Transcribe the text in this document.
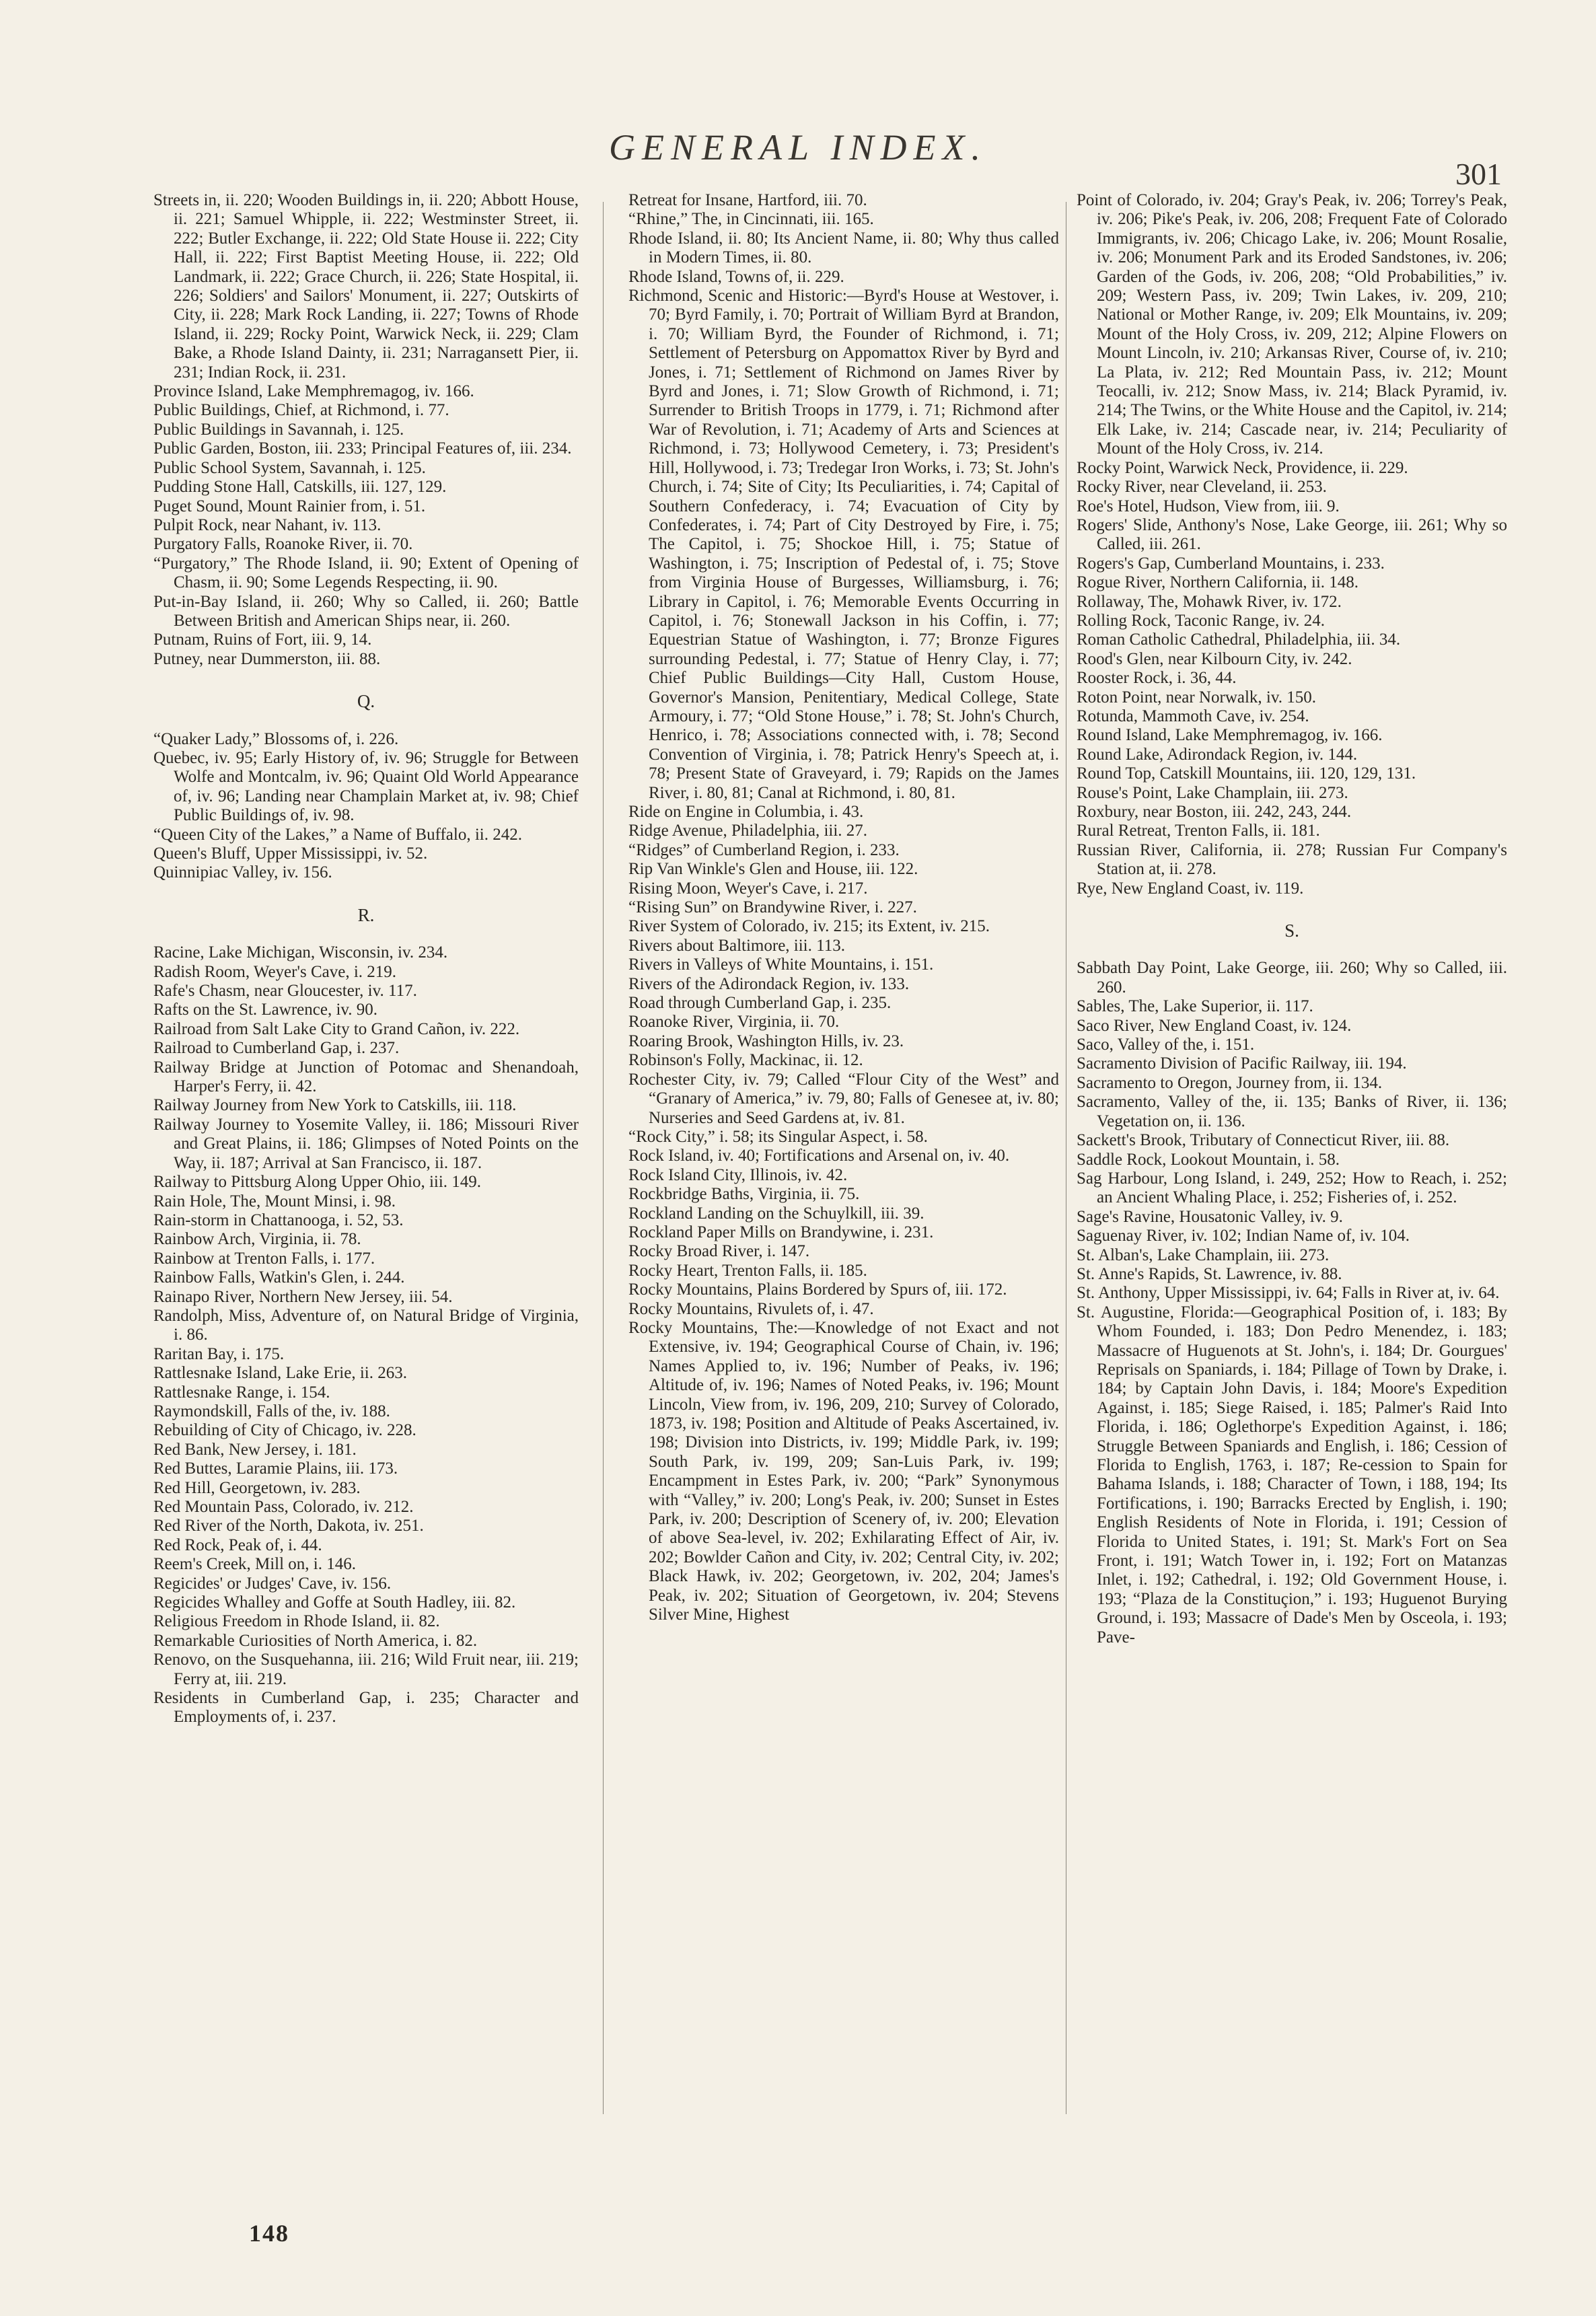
GENERAL INDEX.
301

Streets in, ii. 220; Wooden Buildings in, ii. 220; Abbott House, ii. 221; Samuel Whipple, ii. 222; Westminster Street, ii. 222; Butler Exchange, ii. 222; Old State House ii. 222; City Hall, ii. 222; First Baptist Meeting House, ii. 222; Old Landmark, ii. 222; Grace Church, ii. 226; State Hospital, ii. 226; Soldiers' and Sailors' Monument, ii. 227; Outskirts of City, ii. 228; Mark Rock Landing, ii. 227; Towns of Rhode Island, ii. 229; Rocky Point, Warwick Neck, ii. 229; Clam Bake, a Rhode Island Dainty, ii. 231; Narragansett Pier, ii. 231; Indian Rock, ii. 231.

Province Island, Lake Memphremagog, iv. 166.

Public Buildings, Chief, at Richmond, i. 77.

Public Buildings in Savannah, i. 125.

Public Garden, Boston, iii. 233; Principal Features of, iii. 234.

Public School System, Savannah, i. 125.

Pudding Stone Hall, Catskills, iii. 127, 129.

Puget Sound, Mount Rainier from, i. 51.

Pulpit Rock, near Nahant, iv. 113.

Purgatory Falls, Roanoke River, ii. 70.

“Purgatory,” The Rhode Island, ii. 90; Extent of Opening of Chasm, ii. 90; Some Legends Respecting, ii. 90.

Put-in-Bay Island, ii. 260; Why so Called, ii. 260; Battle Between British and American Ships near, ii. 260.

Putnam, Ruins of Fort, iii. 9, 14.

Putney, near Dummerston, iii. 88.

Q.

“Quaker Lady,” Blossoms of, i. 226.

Quebec, iv. 95; Early History of, iv. 96; Struggle for Between Wolfe and Montcalm, iv. 96; Quaint Old World Appearance of, iv. 96; Landing near Champlain Market at, iv. 98; Chief Public Buildings of, iv. 98.

“Queen City of the Lakes,” a Name of Buffalo, ii. 242.

Queen's Bluff, Upper Mississippi, iv. 52.

Quinnipiac Valley, iv. 156.

R.

Racine, Lake Michigan, Wisconsin, iv. 234.

Radish Room, Weyer's Cave, i. 219.

Rafe's Chasm, near Gloucester, iv. 117.

Rafts on the St. Lawrence, iv. 90.

Railroad from Salt Lake City to Grand Cañon, iv. 222.

Railroad to Cumberland Gap, i. 237.

Railway Bridge at Junction of Potomac and Shenandoah, Harper's Ferry, ii. 42.

Railway Journey from New York to Catskills, iii. 118.

Railway Journey to Yosemite Valley, ii. 186; Missouri River and Great Plains, ii. 186; Glimpses of Noted Points on the Way, ii. 187; Arrival at San Francisco, ii. 187.

Railway to Pittsburg Along Upper Ohio, iii. 149.

Rain Hole, The, Mount Minsi, i. 98.

Rain-storm in Chattanooga, i. 52, 53.

Rainbow Arch, Virginia, ii. 78.

Rainbow at Trenton Falls, i. 177.

Rainbow Falls, Watkin's Glen, i. 244.

Rainapo River, Northern New Jersey, iii. 54.

Randolph, Miss, Adventure of, on Natural Bridge of Virginia, i. 86.

Raritan Bay, i. 175.

Rattlesnake Island, Lake Erie, ii. 263.

Rattlesnake Range, i. 154.

Raymondskill, Falls of the, iv. 188.

Rebuilding of City of Chicago, iv. 228.

Red Bank, New Jersey, i. 181.

Red Buttes, Laramie Plains, iii. 173.

Red Hill, Georgetown, iv. 283.

Red Mountain Pass, Colorado, iv. 212.

Red River of the North, Dakota, iv. 251.

Red Rock, Peak of, i. 44.

Reem's Creek, Mill on, i. 146.

Regicides' or Judges' Cave, iv. 156.

Regicides Whalley and Goffe at South Hadley, iii. 82.

Religious Freedom in Rhode Island, ii. 82.

Remarkable Curiosities of North America, i. 82.

Renovo, on the Susquehanna, iii. 216; Wild Fruit near, iii. 219; Ferry at, iii. 219.

Residents in Cumberland Gap, i. 235; Character and Employments of, i. 237.

Retreat for Insane, Hartford, iii. 70.

“Rhine,” The, in Cincinnati, iii. 165.

Rhode Island, ii. 80; Its Ancient Name, ii. 80; Why thus called in Modern Times, ii. 80.

Rhode Island, Towns of, ii. 229.

Richmond, Scenic and Historic:—Byrd's House at Westover, i. 70; Byrd Family, i. 70; Portrait of William Byrd at Brandon, i. 70; William Byrd, the Founder of Richmond, i. 71; Settlement of Petersburg on Appomattox River by Byrd and Jones, i. 71; Settlement of Richmond on James River by Byrd and Jones, i. 71; Slow Growth of Richmond, i. 71; Surrender to British Troops in 1779, i. 71; Richmond after War of Revolution, i. 71; Academy of Arts and Sciences at Richmond, i. 73; Hollywood Cemetery, i. 73; President's Hill, Hollywood, i. 73; Tredegar Iron Works, i. 73; St. John's Church, i. 74; Site of City; Its Peculiarities, i. 74; Capital of Southern Confederacy, i. 74; Evacuation of City by Confederates, i. 74; Part of City Destroyed by Fire, i. 75; The Capitol, i. 75; Shockoe Hill, i. 75; Statue of Washington, i. 75; Inscription of Pedestal of, i. 75; Stove from Virginia House of Burgesses, Williamsburg, i. 76; Library in Capitol, i. 76; Memorable Events Occurring in Capitol, i. 76; Stonewall Jackson in his Coffin, i. 77; Equestrian Statue of Washington, i. 77; Bronze Figures surrounding Pedestal, i. 77; Statue of Henry Clay, i. 77; Chief Public Buildings—City Hall, Custom House, Governor's Mansion, Penitentiary, Medical College, State Armoury, i. 77; “Old Stone House,” i. 78; St. John's Church, Henrico, i. 78; Associations connected with, i. 78; Second Convention of Virginia, i. 78; Patrick Henry's Speech at, i. 78; Present State of Graveyard, i. 79; Rapids on the James River, i. 80, 81; Canal at Richmond, i. 80, 81.

Ride on Engine in Columbia, i. 43.

Ridge Avenue, Philadelphia, iii. 27.

“Ridges” of Cumberland Region, i. 233.

Rip Van Winkle's Glen and House, iii. 122.

Rising Moon, Weyer's Cave, i. 217.

“Rising Sun” on Brandywine River, i. 227.

River System of Colorado, iv. 215; its Extent, iv. 215.

Rivers about Baltimore, iii. 113.

Rivers in Valleys of White Mountains, i. 151.

Rivers of the Adirondack Region, iv. 133.

Road through Cumberland Gap, i. 235.

Roanoke River, Virginia, ii. 70.

Roaring Brook, Washington Hills, iv. 23.

Robinson's Folly, Mackinac, ii. 12.

Rochester City, iv. 79; Called “Flour City of the West” and “Granary of America,” iv. 79, 80; Falls of Genesee at, iv. 80; Nurseries and Seed Gardens at, iv. 81.

“Rock City,” i. 58; its Singular Aspect, i. 58.

Rock Island, iv. 40; Fortifications and Arsenal on, iv. 40.

Rock Island City, Illinois, iv. 42.

Rockbridge Baths, Virginia, ii. 75.

Rockland Landing on the Schuylkill, iii. 39.

Rockland Paper Mills on Brandywine, i. 231.

Rocky Broad River, i. 147.

Rocky Heart, Trenton Falls, ii. 185.

Rocky Mountains, Plains Bordered by Spurs of, iii. 172.

Rocky Mountains, Rivulets of, i. 47.

Rocky Mountains, The:—Knowledge of not Exact and not Extensive, iv. 194; Geographical Course of Chain, iv. 196; Names Applied to, iv. 196; Number of Peaks, iv. 196; Altitude of, iv. 196; Names of Noted Peaks, iv. 196; Mount Lincoln, View from, iv. 196, 209, 210; Survey of Colorado, 1873, iv. 198; Position and Altitude of Peaks Ascertained, iv. 198; Division into Districts, iv. 199; Middle Park, iv. 199; South Park, iv. 199, 209; San-Luis Park, iv. 199; Encampment in Estes Park, iv. 200; “Park” Synonymous with “Valley,” iv. 200; Long's Peak, iv. 200; Sunset in Estes Park, iv. 200; Description of Scenery of, iv. 200; Elevation of above Sea-level, iv. 202; Exhilarating Effect of Air, iv. 202; Bowlder Cañon and City, iv. 202; Central City, iv. 202; Black Hawk, iv. 202; Georgetown, iv. 202, 204; James's Peak, iv. 202; Situation of Georgetown, iv. 204; Stevens Silver Mine, Highest

Point of Colorado, iv. 204; Gray's Peak, iv. 206; Torrey's Peak, iv. 206; Pike's Peak, iv. 206, 208; Frequent Fate of Colorado Immigrants, iv. 206; Chicago Lake, iv. 206; Mount Rosalie, iv. 206; Monument Park and its Eroded Sandstones, iv. 206; Garden of the Gods, iv. 206, 208; “Old Probabilities,” iv. 209; Western Pass, iv. 209; Twin Lakes, iv. 209, 210; National or Mother Range, iv. 209; Elk Mountains, iv. 209; Mount of the Holy Cross, iv. 209, 212; Alpine Flowers on Mount Lincoln, iv. 210; Arkansas River, Course of, iv. 210; La Plata, iv. 212; Red Mountain Pass, iv. 212; Mount Teocalli, iv. 212; Snow Mass, iv. 214; Black Pyramid, iv. 214; The Twins, or the White House and the Capitol, iv. 214; Elk Lake, iv. 214; Cascade near, iv. 214; Peculiarity of Mount of the Holy Cross, iv. 214.

Rocky Point, Warwick Neck, Providence, ii. 229.

Rocky River, near Cleveland, ii. 253.

Roe's Hotel, Hudson, View from, iii. 9.

Rogers' Slide, Anthony's Nose, Lake George, iii. 261; Why so Called, iii. 261.

Rogers's Gap, Cumberland Mountains, i. 233.

Rogue River, Northern California, ii. 148.

Rollaway, The, Mohawk River, iv. 172.

Rolling Rock, Taconic Range, iv. 24.

Roman Catholic Cathedral, Philadelphia, iii. 34.

Rood's Glen, near Kilbourn City, iv. 242.

Rooster Rock, i. 36, 44.

Roton Point, near Norwalk, iv. 150.

Rotunda, Mammoth Cave, iv. 254.

Round Island, Lake Memphremagog, iv. 166.

Round Lake, Adirondack Region, iv. 144.

Round Top, Catskill Mountains, iii. 120, 129, 131.

Rouse's Point, Lake Champlain, iii. 273.

Roxbury, near Boston, iii. 242, 243, 244.

Rural Retreat, Trenton Falls, ii. 181.

Russian River, California, ii. 278; Russian Fur Company's Station at, ii. 278.

Rye, New England Coast, iv. 119.

S.

Sabbath Day Point, Lake George, iii. 260; Why so Called, iii. 260.

Sables, The, Lake Superior, ii. 117.

Saco River, New England Coast, iv. 124.

Saco, Valley of the, i. 151.

Sacramento Division of Pacific Railway, iii. 194.

Sacramento to Oregon, Journey from, ii. 134.

Sacramento, Valley of the, ii. 135; Banks of River, ii. 136; Vegetation on, ii. 136.

Sackett's Brook, Tributary of Connecticut River, iii. 88.

Saddle Rock, Lookout Mountain, i. 58.

Sag Harbour, Long Island, i. 249, 252; How to Reach, i. 252; an Ancient Whaling Place, i. 252; Fisheries of, i. 252.

Sage's Ravine, Housatonic Valley, iv. 9.

Saguenay River, iv. 102; Indian Name of, iv. 104.

St. Alban's, Lake Champlain, iii. 273.

St. Anne's Rapids, St. Lawrence, iv. 88.

St. Anthony, Upper Mississippi, iv. 64; Falls in River at, iv. 64.

St. Augustine, Florida:—Geographical Position of, i. 183; By Whom Founded, i. 183; Don Pedro Menendez, i. 183; Massacre of Huguenots at St. John's, i. 184; Dr. Gourgues' Reprisals on Spaniards, i. 184; Pillage of Town by Drake, i. 184; by Captain John Davis, i. 184; Moore's Expedition Against, i. 185; Siege Raised, i. 185; Palmer's Raid Into Florida, i. 186; Oglethorpe's Expedition Against, i. 186; Struggle Between Spaniards and English, i. 186; Cession of Florida to English, 1763, i. 187; Re-cession to Spain for Bahama Islands, i. 188; Character of Town, i 188, 194; Its Fortifications, i. 190; Barracks Erected by English, i. 190; English Residents of Note in Florida, i. 191; Cession of Florida to United States, i. 191; St. Mark's Fort on Sea Front, i. 191; Watch Tower in, i. 192; Fort on Matanzas Inlet, i. 192; Cathedral, i. 192; Old Government House, i. 193; “Plaza de la Constituçion,” i. 193; Huguenot Burying Ground, i. 193; Massacre of Dade's Men by Osceola, i. 193; Pave-

148
